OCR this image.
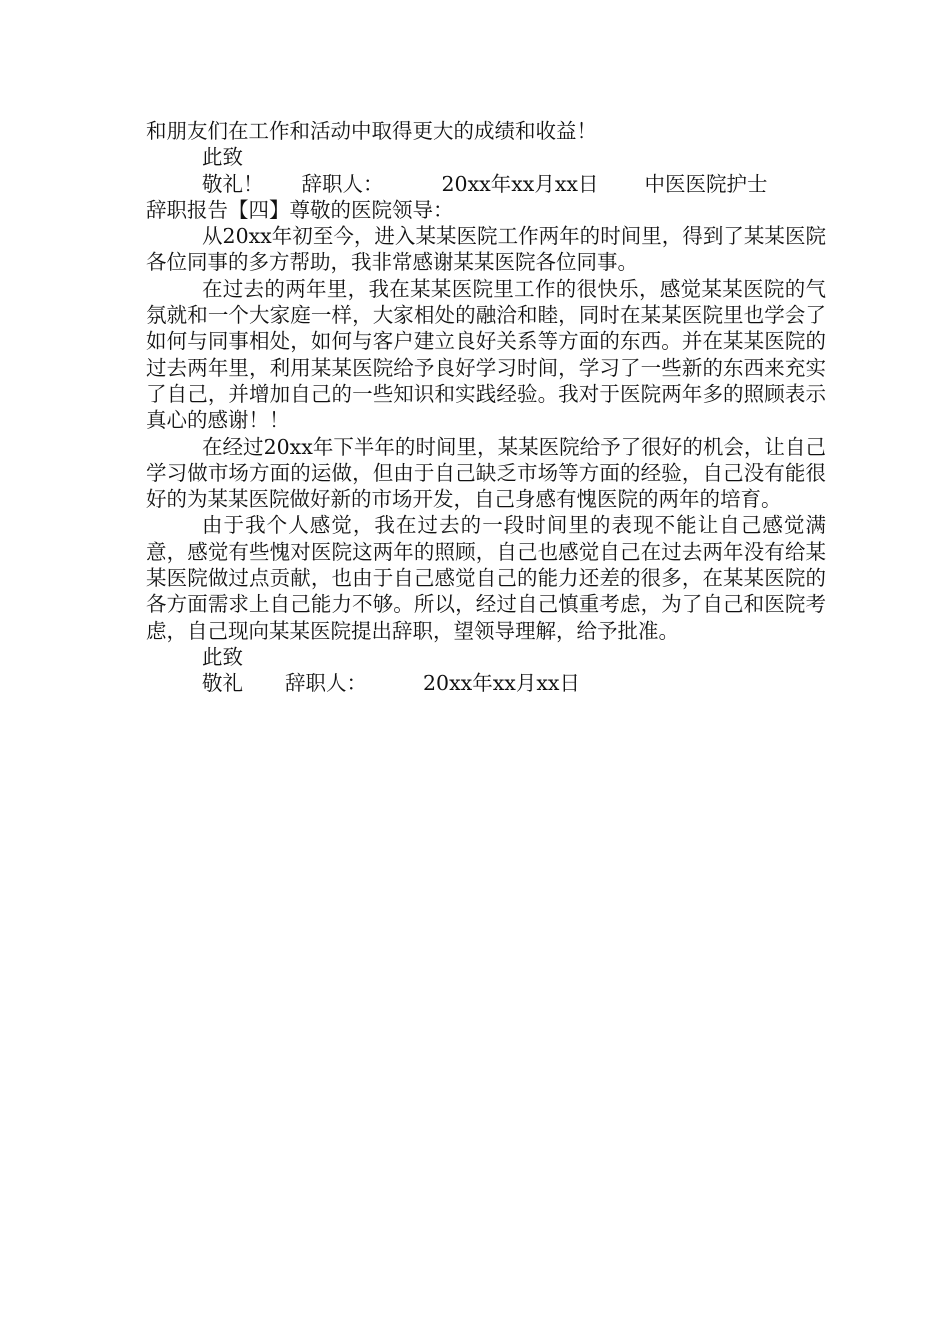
和朋友们在工作和活动中取得更大的成绩和收益！
此致
敬礼！ 辞职人：	20xx年xx月xx日 中医医院护士
辞职报告【四】尊敬的医院领导：
从20xx年初至今，进入某某医院工作两年的时间里，得到了某某医院各位同事的多方帮助，我非常感谢某某医院各位同事。
在过去的两年里，我在某某医院里工作的很快乐，感觉某某医院的气氛就和一个大家庭一样，大家相处的融洽和睦，同时在某某医院里也学会了如何与同事相处，如何与客户建立良好关系等方面的东西。并在某某医院的过去两年里，利用某某医院给予良好学习时间，学习了一些新的东西来充实了自己，并增加自己的一些知识和实践经验。我对于医院两年多的照顾表示真心的感谢！！
在经过20xx年下半年的时间里，某某医院给予了很好的机会，让自己学习做市场方面的运做，但由于自己缺乏市场等方面的经验，自己没有能很好的为某某医院做好新的市场开发，自己身感有愧医院的两年的培育。
由于我个人感觉，我在过去的一段时间里的表现不能让自己感觉满意，感觉有些愧对医院这两年的照顾，自己也感觉自己在过去两年没有给某某医院做过点贡献，也由于自己感觉自己的能力还差的很多，在某某医院的各方面需求上自己能力不够。所以，经过自己慎重考虑，为了自己和医院考虑，自己现向某某医院提出辞职，望领导理解，给予批准。
此致
敬礼 辞职人：	20xx年xx月xx日
